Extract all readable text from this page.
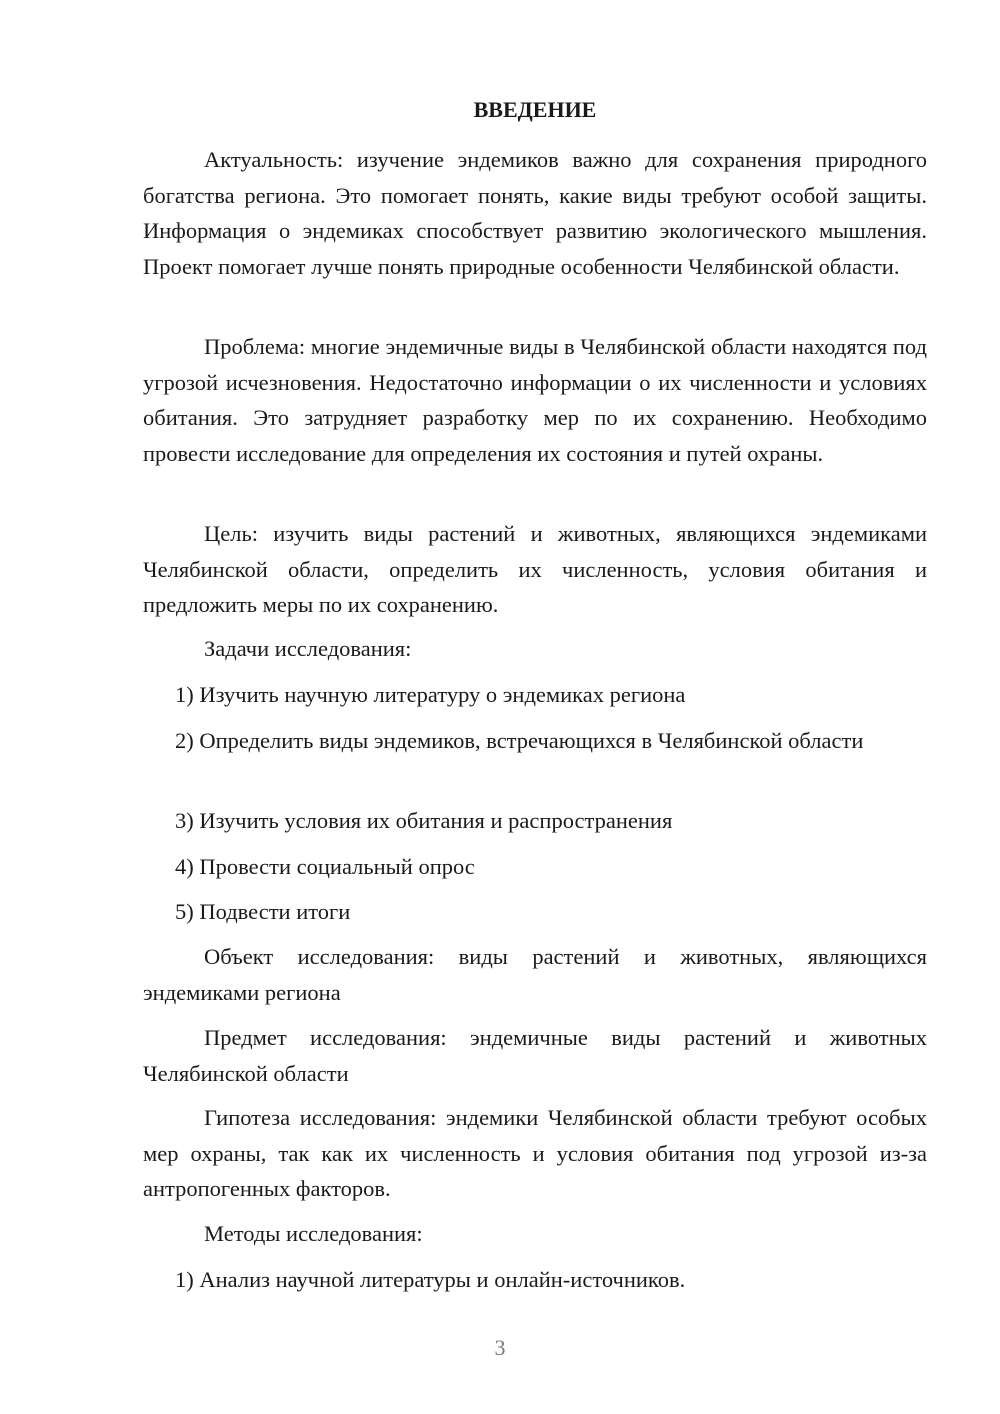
ВВЕДЕНИЕ

Актуальность: изучение эндемиков важно для сохранения природного богатства региона. Это помогает понять, какие виды требуют особой защиты. Информация о эндемиках способствует развитию экологического мышления. Проект помогает лучше понять природные особенности Челябинской области.

Проблема: многие эндемичные виды в Челябинской области находятся под угрозой исчезновения. Недостаточно информации о их численности и условиях обитания. Это затрудняет разработку мер по их сохранению. Необходимо провести исследование для определения их состояния и путей охраны.

Цель: изучить виды растений и животных, являющихся эндемиками Челябинской области, определить их численность, условия обитания и предложить меры по их сохранению.

Задачи исследования:

1) Изучить научную литературу о эндемиках региона

2) Определить виды эндемиков, встречающихся в Челябинской области

3) Изучить условия их обитания и распространения

4) Провести социальный опрос

5) Подвести итоги

Объект исследования: виды растений и животных, являющихся эндемиками региона

Предмет исследования: эндемичные виды растений и животных Челябинской области

Гипотеза исследования: эндемики Челябинской области требуют особых мер охраны, так как их численность и условия обитания под угрозой из-за антропогенных факторов.

Методы исследования:

1) Анализ научной литературы и онлайн-источников.

3
